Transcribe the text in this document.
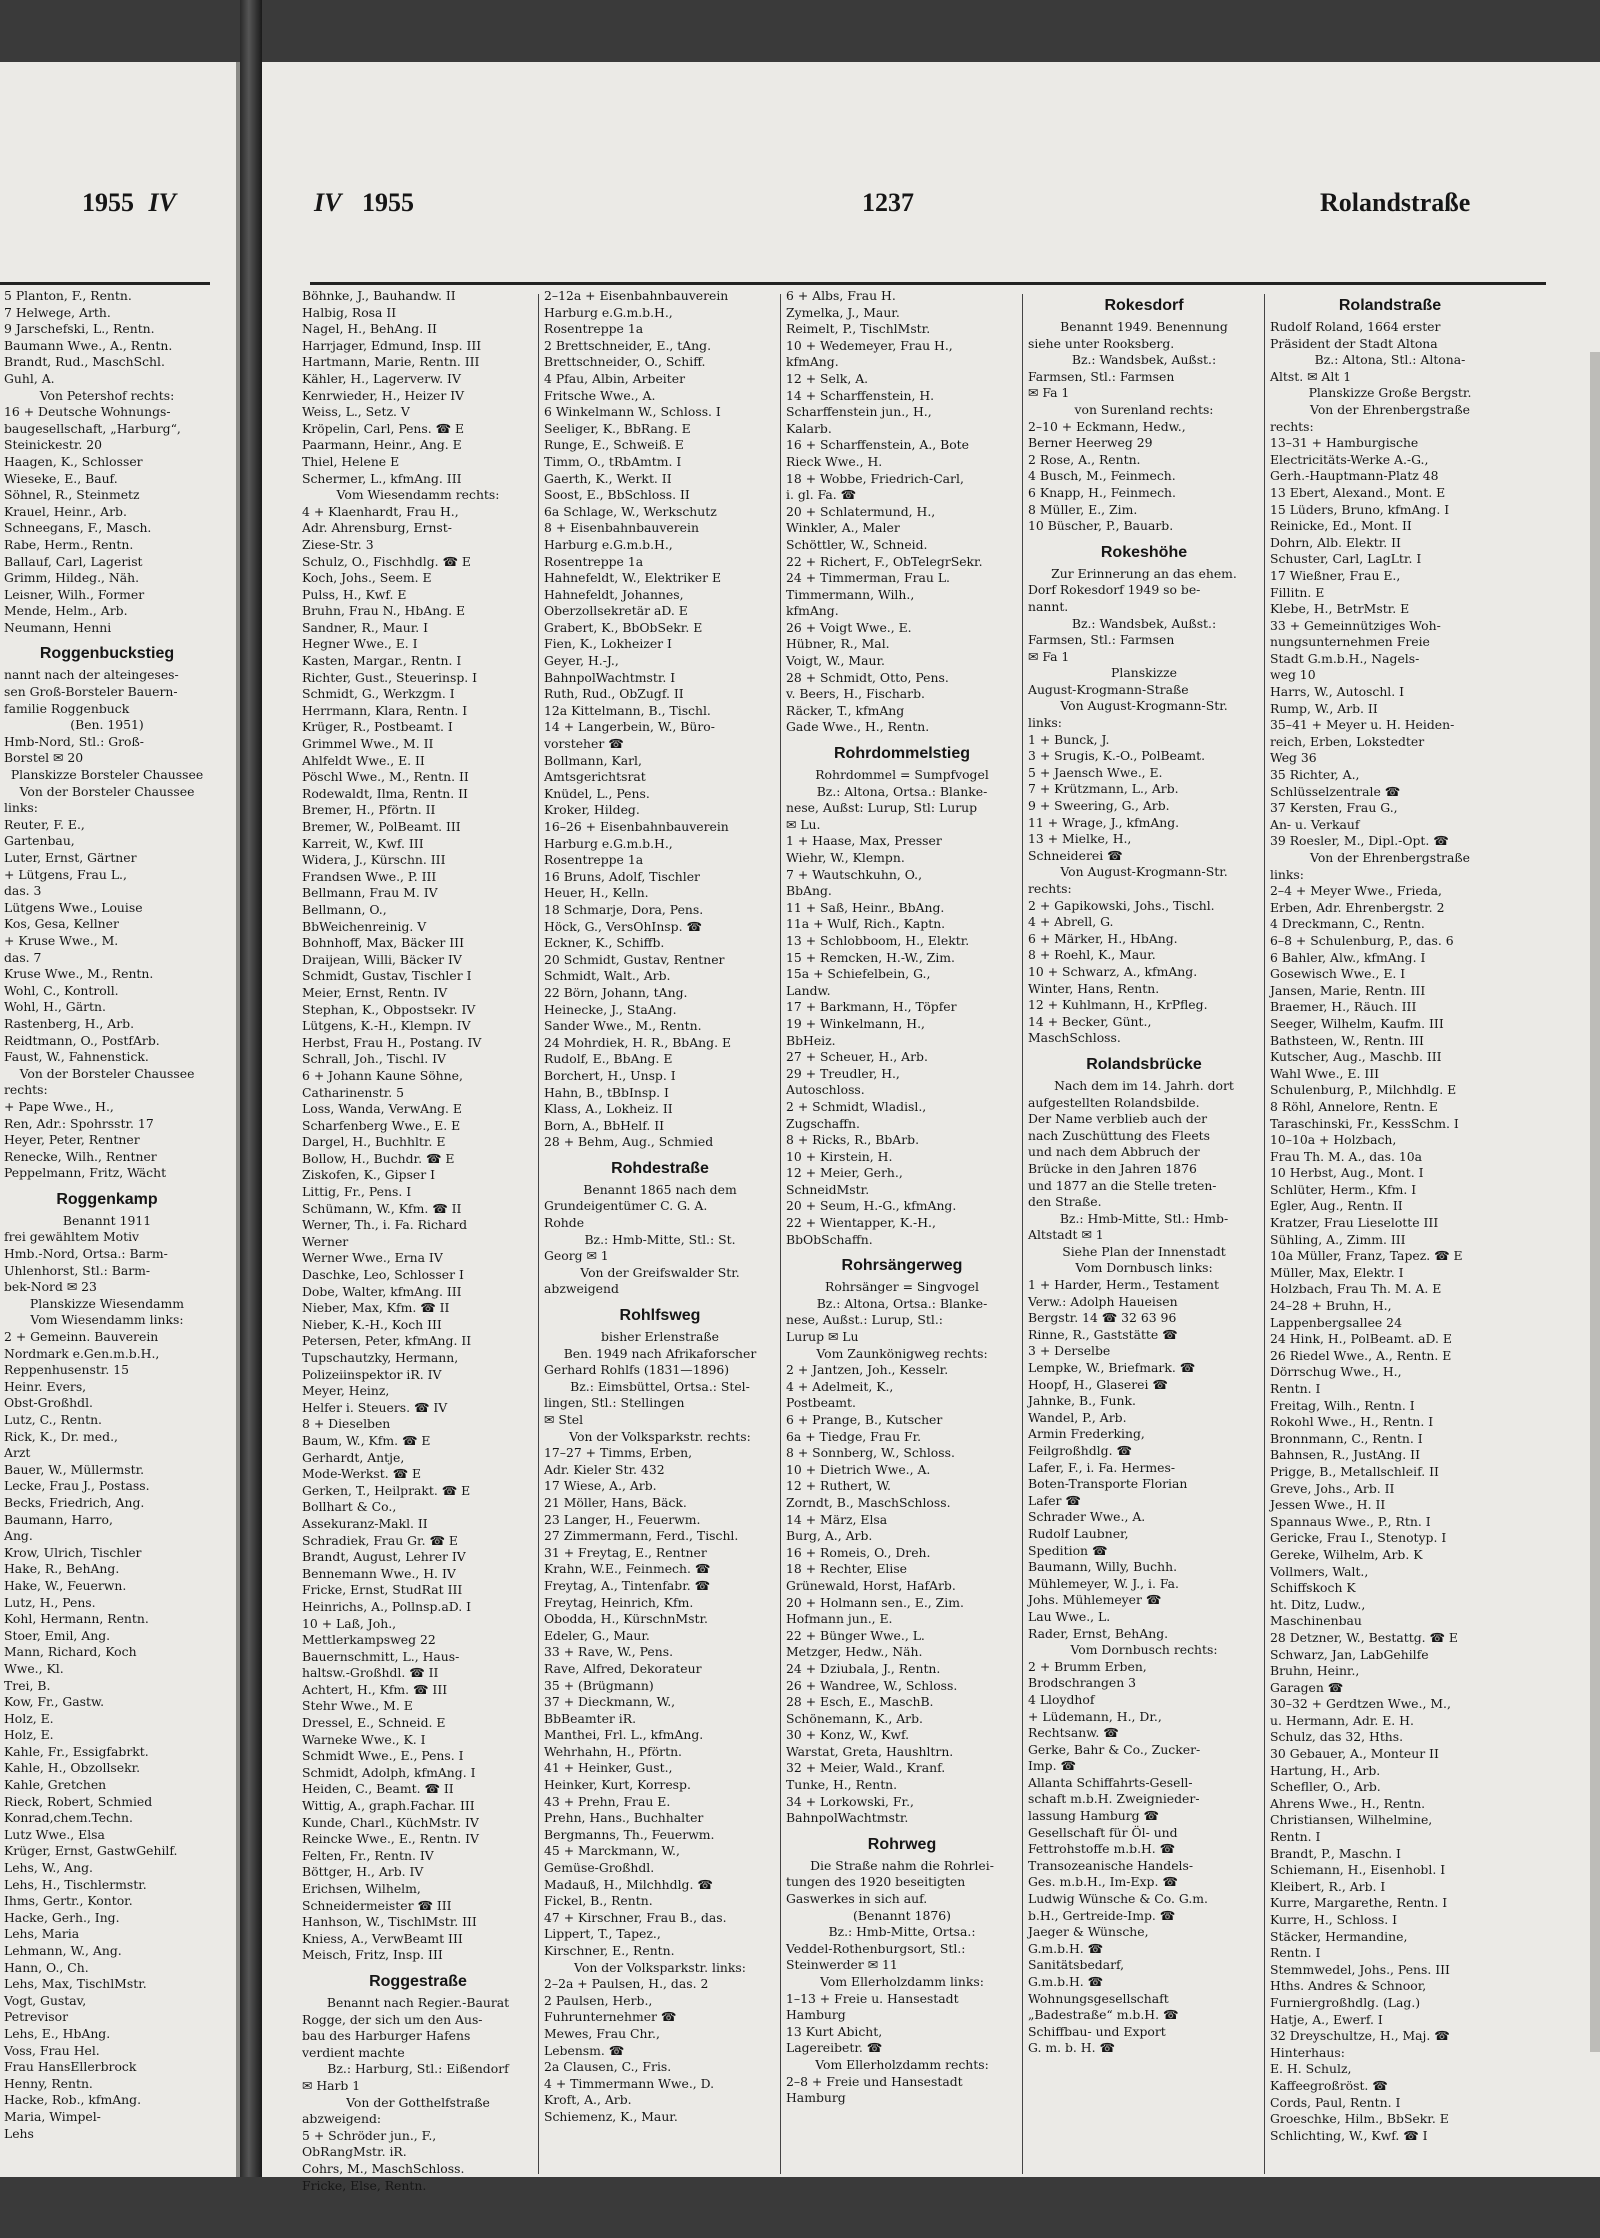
1955 IV

5 Planton, F., Rentn.

7 Helwege, Arth.

9 Jarschefski, L., Rentn.

Baumann Wwe., A., Rentn.

Brandt, Rud., MaschSchl.

Guhl, A.

Von Petershof rechts:

16 + Deutsche Wohnungs-

baugesellschaft, „Harburg“,

Steinickestr. 20

Haagen, K., Schlosser

Wieseke, E., Bauf.

Söhnel, R., Steinmetz

Krauel, Heinr., Arb.

Schneegans, F., Masch.

Rabe, Herm., Rentn.

Ballauf, Carl, Lagerist

Grimm, Hildeg., Näh.

Leisner, Wilh., Former

Mende, Helm., Arb.

Neumann, Henni

Roggenbuckstieg

nannt nach der alteingeses-

sen Groß-Borsteler Bauern-

familie Roggenbuck

(Ben. 1951)

Hmb-Nord, Stl.: Groß-

Borstel ✉ 20

Planskizze Borsteler Chaussee

Von der Borsteler Chaussee

links:

Reuter, F. E.,

Gartenbau,

Luter, Ernst, Gärtner

+ Lütgens, Frau L.,

das. 3

Lütgens Wwe., Louise

Kos, Gesa, Kellner

+ Kruse Wwe., M.

das. 7

Kruse Wwe., M., Rentn.

Wohl, C., Kontroll.

Wohl, H., Gärtn.

Rastenberg, H., Arb.

Reidtmann, O., PostfArb.

Faust, W., Fahnenstick.

Von der Borsteler Chaussee

rechts:

+ Pape Wwe., H.,

Ren, Adr.: Spohrsstr. 17

Heyer, Peter, Rentner

Renecke, Wilh., Rentner

Peppelmann, Fritz, Wächt

Roggenkamp

Benannt 1911

frei gewähltem Motiv

Hmb.-Nord, Ortsa.: Barm-

Uhlenhorst, Stl.: Barm-

bek-Nord ✉ 23

Planskizze Wiesendamm

Vom Wiesendamm links:

2 + Gemeinn. Bauverein

Nordmark e.Gen.m.b.H.,

Reppenhusenstr. 15

Heinr. Evers,

Obst-Großhdl.

Lutz, C., Rentn.

Rick, K., Dr. med.,

Arzt

Bauer, W., Müllermstr.

Lecke, Frau J., Postass.

Becks, Friedrich, Ang.

Baumann, Harro,

Ang.

Krow, Ulrich, Tischler

Hake, R., BehAng.

Hake, W., Feuerwn.

Lutz, H., Pens.

Kohl, Hermann, Rentn.

Stoer, Emil, Ang.

Mann, Richard, Koch

Wwe., Kl.

Trei, B.

Kow, Fr., Gastw.

Holz, E.

Holz, E.

Kahle, Fr., Essigfabrkt.

Kahle, H., Obzollsekr.

Kahle, Gretchen

Rieck, Robert, Schmied

Konrad,chem.Techn.

Lutz Wwe., Elsa

Krüger, Ernst, GastwGehilf.

Lehs, W., Ang.

Lehs, H., Tischlermstr.

Ihms, Gertr., Kontor.

Hacke, Gerh., Ing.

Lehs, Maria

Lehmann, W., Ang.

Hann, O., Ch.

Lehs, Max, TischlMstr.

Vogt, Gustav,

Petrevisor

Lehs, E., HbAng.

Voss, Frau Hel.

Frau HansEllerbrock

Henny, Rentn.

Hacke, Rob., kfmAng.

Maria, Wimpel-

Lehs

IV 1955	1237	Rolandstraße

Böhnke, J., Bauhandw. II

Halbig, Rosa II

Nagel, H., BehAng. II

Harrjager, Edmund, Insp. III

Hartmann, Marie, Rentn. III

Kähler, H., Lagerverw. IV

Kenrwieder, H., Heizer IV

Weiss, L., Setz. V

Kröpelin, Carl, Pens. ☎ E

Paarmann, Heinr., Ang. E

Thiel, Helene E

Schermer, L., kfmAng. III

Vom Wiesendamm rechts:

4 + Klaenhardt, Frau H.,

Adr. Ahrensburg, Ernst-

Ziese-Str. 3

Schulz, O., Fischhdlg. ☎ E

Koch, Johs., Seem. E

Pulss, H., Kwf. E

Bruhn, Frau N., HbAng. E

Sandner, R., Maur. I

Hegner Wwe., E. I

Kasten, Margar., Rentn. I

Richter, Gust., Steuerinsp. I

Schmidt, G., Werkzgm. I

Herrmann, Klara, Rentn. I

Krüger, R., Postbeamt. I

Grimmel Wwe., M. II

Ahlfeldt Wwe., E. II

Pöschl Wwe., M., Rentn. II

Rodewaldt, Ilma, Rentn. II

Bremer, H., Pförtn. II

Bremer, W., PolBeamt. III

Karreit, W., Kwf. III

Widera, J., Kürschn. III

Frandsen Wwe., P. III

Bellmann, Frau M. IV

Bellmann, O.,

BbWeichenreinig. V

Bohnhoff, Max, Bäcker III

Draijean, Willi, Bäcker IV

Schmidt, Gustav, Tischler I

Meier, Ernst, Rentn. IV

Stephan, K., Obpostsekr. IV

Lütgens, K.-H., Klempn. IV

Herbst, Frau H., Postang. IV

Schrall, Joh., Tischl. IV

6 + Johann Kaune Söhne,

Catharinenstr. 5

Loss, Wanda, VerwAng. E

Scharfenberg Wwe., E. E

Dargel, H., Buchhltr. E

Bollow, H., Buchdr. ☎ E

Ziskofen, K., Gipser I

Littig, Fr., Pens. I

Schümann, W., Kfm. ☎ II

Werner, Th., i. Fa. Richard

Werner

Werner Wwe., Erna IV

Daschke, Leo, Schlosser I

Dobe, Walter, kfmAng. III

Nieber, Max, Kfm. ☎ II

Nieber, K.-H., Koch III

Petersen, Peter, kfmAng. II

Tupschautzky, Hermann,

Polizeiinspektor iR. IV

Meyer, Heinz,

Helfer i. Steuers. ☎ IV

8 + Dieselben

Baum, W., Kfm. ☎ E

Gerhardt, Antje,

Mode-Werkst. ☎ E

Gerken, T., Heilprakt. ☎ E

Bollhart & Co.,

Assekuranz-Makl. II

Schradiek, Frau Gr. ☎ E

Brandt, August, Lehrer IV

Bennemann Wwe., H. IV

Fricke, Ernst, StudRat III

Heinrichs, A., Pollnsp.aD. I

10 + Laß, Joh.,

Mettlerkampsweg 22

Bauernschmitt, L., Haus-

haltsw.-Großhdl. ☎ II

Achtert, H., Kfm. ☎ III

Stehr Wwe., M. E

Dressel, E., Schneid. E

Warneke Wwe., K. I

Schmidt Wwe., E., Pens. I

Schmidt, Adolph, kfmAng. I

Heiden, C., Beamt. ☎ II

Wittig, A., graph.Fachar. III

Kunde, Charl., KüchMstr. IV

Reincke Wwe., E., Rentn. IV

Felten, Fr., Rentn. IV

Böttger, H., Arb. IV

Erichsen, Wilhelm,

Schneidermeister ☎ III

Hanhson, W., TischlMstr. III

Kniess, A., VerwBeamt III

Meisch, Fritz, Insp. III

Roggestraße

Benannt nach Regier.-Baurat

Rogge, der sich um den Aus-

bau des Harburger Hafens

verdient machte

Bz.: Harburg, Stl.: Eißendorf

✉ Harb 1

Von der Gotthelfstraße

abzweigend:

5 + Schröder jun., F.,

ObRangMstr. iR.

Cohrs, M., MaschSchloss.

Fricke, Else, Rentn.

2–12a + Eisenbahnbauverein

Harburg e.G.m.b.H.,

Rosentreppe 1a

2 Brettschneider, E., tAng.

Brettschneider, O., Schiff.

4 Pfau, Albin, Arbeiter

Fritsche Wwe., A.

6 Winkelmann W., Schloss. I

Seeliger, K., BbRang. E

Runge, E., Schweiß. E

Timm, O., tRbAmtm. I

Gaerth, K., Werkt. II

Soost, E., BbSchloss. II

6a Schlage, W., Werkschutz

8 + Eisenbahnbauverein

Harburg e.G.m.b.H.,

Rosentreppe 1a

Hahnefeldt, W., Elektriker E

Hahnefeldt, Johannes,

Oberzollsekretär aD. E

Grabert, K., BbObSekr. E

Fien, K., Lokheizer I

Geyer, H.-J.,

BahnpolWachtmstr. I

Ruth, Rud., ObZugf. II

12a Kittelmann, B., Tischl.

14 + Langerbein, W., Büro-

vorsteher ☎

Bollmann, Karl,

Amtsgerichtsrat

Knüdel, L., Pens.

Kroker, Hildeg.

16–26 + Eisenbahnbauverein

Harburg e.G.m.b.H.,

Rosentreppe 1a

16 Bruns, Adolf, Tischler

Heuer, H., Kelln.

18 Schmarje, Dora, Pens.

Höck, G., VersOhInsp. ☎

Eckner, K., Schiffb.

20 Schmidt, Gustav, Rentner

Schmidt, Walt., Arb.

22 Börn, Johann, tAng.

Heinecke, J., StaAng.

Sander Wwe., M., Rentn.

24 Mohrdiek, H. R., BbAng. E

Rudolf, E., BbAng. E

Borchert, H., Unsp. I

Hahn, B., tBbInsp. I

Klass, A., Lokheiz. II

Born, A., BbHelf. II

28 + Behm, Aug., Schmied

Rohdestraße

Benannt 1865 nach dem

Grundeigentümer C. G. A.

Rohde

Bz.: Hmb-Mitte, Stl.: St.

Georg ✉ 1

Von der Greifswalder Str.

abzweigend

Rohlfsweg

bisher Erlenstraße

Ben. 1949 nach Afrikaforscher

Gerhard Rohlfs (1831—1896)

Bz.: Eimsbüttel, Ortsa.: Stel-

lingen, Stl.: Stellingen

✉ Stel

Von der Volksparkstr. rechts:

17–27 + Timms, Erben,

Adr. Kieler Str. 432

17 Wiese, A., Arb.

21 Möller, Hans, Bäck.

23 Langer, H., Feuerwm.

27 Zimmermann, Ferd., Tischl.

31 + Freytag, E., Rentner

Krahn, W.E., Feinmech. ☎

Freytag, A., Tintenfabr. ☎

Freytag, Heinrich, Kfm.

Obodda, H., KürschnMstr.

Edeler, G., Maur.

33 + Rave, W., Pens.

Rave, Alfred, Dekorateur

35 + (Brügmann)

37 + Dieckmann, W.,

BbBeamter iR.

Manthei, Frl. L., kfmAng.

Wehrhahn, H., Pförtn.

41 + Heinker, Gust.,

Heinker, Kurt, Korresp.

43 + Prehn, Frau E.

Prehn, Hans., Buchhalter

Bergmanns, Th., Feuerwm.

45 + Marckmann, W.,

Gemüse-Großhdl.

Madauß, H., Milchhdlg. ☎

Fickel, B., Rentn.

47 + Kirschner, Frau B., das.

Lippert, T., Tapez.,

Kirschner, E., Rentn.

Von der Volksparkstr. links:

2–2a + Paulsen, H., das. 2

2 Paulsen, Herb.,

Fuhrunternehmer ☎

Mewes, Frau Chr.,

Lebensm. ☎

2a Clausen, C., Fris.

4 + Timmermann Wwe., D.

Kroft, A., Arb.

Schiemenz, K., Maur.

6 + Albs, Frau H.

Zymelka, J., Maur.

Reimelt, P., TischlMstr.

10 + Wedemeyer, Frau H.,

kfmAng.

12 + Selk, A.

14 + Scharffenstein, H.

Scharffenstein jun., H.,

Kalarb.

16 + Scharffenstein, A., Bote

Rieck Wwe., H.

18 + Wobbe, Friedrich-Carl,

i. gl. Fa. ☎

20 + Schlatermund, H.,

Winkler, A., Maler

Schöttler, W., Schneid.

22 + Richert, F., ObTelegrSekr.

24 + Timmerman, Frau L.

Timmermann, Wilh.,

kfmAng.

26 + Voigt Wwe., E.

Hübner, R., Mal.

Voigt, W., Maur.

28 + Schmidt, Otto, Pens.

v. Beers, H., Fischarb.

Räcker, T., kfmAng

Gade Wwe., H., Rentn.

Rohrdommelstieg

Rohrdommel = Sumpfvogel

Bz.: Altona, Ortsa.: Blanke-

nese, Außst: Lurup, Stl: Lurup

✉ Lu.

1 + Haase, Max, Presser

Wiehr, W., Klempn.

7 + Wautschkuhn, O.,

BbAng.

11 + Saß, Heinr., BbAng.

11a + Wulf, Rich., Kaptn.

13 + Schlobboom, H., Elektr.

15 + Remcken, H.-W., Zim.

15a + Schiefelbein, G.,

Landw.

17 + Barkmann, H., Töpfer

19 + Winkelmann, H.,

BbHeiz.

27 + Scheuer, H., Arb.

29 + Treudler, H.,

Autoschloss.

2 + Schmidt, Wladisl.,

Zugschaffn.

8 + Ricks, R., BbArb.

10 + Kirstein, H.

12 + Meier, Gerh.,

SchneidMstr.

20 + Seum, H.-G., kfmAng.

22 + Wientapper, K.-H.,

BbObSchaffn.

Rohrsängerweg

Rohrsänger = Singvogel

Bz.: Altona, Ortsa.: Blanke-

nese, Außst.: Lurup, Stl.:

Lurup ✉ Lu

Vom Zaunkönigweg rechts:

2 + Jantzen, Joh., Kesselr.

4 + Adelmeit, K.,

Postbeamt.

6 + Prange, B., Kutscher

6a + Tiedge, Frau Fr.

8 + Sonnberg, W., Schloss.

10 + Dietrich Wwe., A.

12 + Ruthert, W.

Zorndt, B., MaschSchloss.

14 + März, Elsa

Burg, A., Arb.

16 + Romeis, O., Dreh.

18 + Rechter, Elise

Grünewald, Horst, HafArb.

20 + Holmann sen., E., Zim.

Hofmann jun., E.

22 + Bünger Wwe., L.

Metzger, Hedw., Näh.

24 + Dziubala, J., Rentn.

26 + Wandree, W., Schloss.

28 + Esch, E., MaschB.

Schönemann, K., Arb.

30 + Konz, W., Kwf.

Warstat, Greta, Haushltrn.

32 + Meier, Wald., Kranf.

Tunke, H., Rentn.

34 + Lorkowski, Fr.,

BahnpolWachtmstr.

Rohrweg

Die Straße nahm die Rohrlei-

tungen des 1920 beseitigten

Gaswerkes in sich auf.

(Benannt 1876)

Bz.: Hmb-Mitte, Ortsa.:

Veddel-Rothenburgsort, Stl.:

Steinwerder ✉ 11

Vom Ellerholzdamm links:

1–13 + Freie u. Hansestadt

Hamburg

13 Kurt Abicht,

Lagereibetr. ☎

Vom Ellerholzdamm rechts:

2–8 + Freie und Hansestadt

Hamburg

Rokesdorf

Benannt 1949. Benennung

siehe unter Rooksberg.

Bz.: Wandsbek, Außst.:

Farmsen, Stl.: Farmsen

✉ Fa 1

von Surenland rechts:

2–10 + Eckmann, Hedw.,

Berner Heerweg 29

2 Rose, A., Rentn.

4 Busch, M., Feinmech.

6 Knapp, H., Feinmech.

8 Müller, E., Zim.

10 Büscher, P., Bauarb.

Rokeshöhe

Zur Erinnerung an das ehem.

Dorf Rokesdorf 1949 so be-

nannt.

Bz.: Wandsbek, Außst.:

Farmsen, Stl.: Farmsen

✉ Fa 1

Planskizze

August-Krogmann-Straße

Von August-Krogmann-Str.

links:

1 + Bunck, J.

3 + Srugis, K.-O., PolBeamt.

5 + Jaensch Wwe., E.

7 + Krützmann, L., Arb.

9 + Sweering, G., Arb.

11 + Wrage, J., kfmAng.

13 + Mielke, H.,

Schneiderei ☎

Von August-Krogmann-Str.

rechts:

2 + Gapikowski, Johs., Tischl.

4 + Abrell, G.

6 + Märker, H., HbAng.

8 + Roehl, K., Maur.

10 + Schwarz, A., kfmAng.

Winter, Hans, Rentn.

12 + Kuhlmann, H., KrPfleg.

14 + Becker, Günt.,

MaschSchloss.

Rolandsbrücke

Nach dem im 14. Jahrh. dort

aufgestellten Rolandsbilde.

Der Name verblieb auch der

nach Zuschüttung des Fleets

und nach dem Abbruch der

Brücke in den Jahren 1876

und 1877 an die Stelle treten-

den Straße.

Bz.: Hmb-Mitte, Stl.: Hmb-

Altstadt ✉ 1

Siehe Plan der Innenstadt

Vom Dornbusch links:

1 + Harder, Herm., Testament

Verw.: Adolph Haueisen

Bergstr. 14 ☎ 32 63 96

Rinne, R., Gaststätte ☎

3 + Derselbe

Lempke, W., Briefmark. ☎

Hoopf, H., Glaserei ☎

Jahnke, B., Funk.

Wandel, P., Arb.

Armin Frederking,

Feilgroßhdlg. ☎

Lafer, F., i. Fa. Hermes-

Boten-Transporte Florian

Lafer ☎

Schrader Wwe., A.

Rudolf Laubner,

Spedition ☎

Baumann, Willy, Buchh.

Mühlemeyer, W. J., i. Fa.

Johs. Mühlemeyer ☎

Lau Wwe., L.

Rader, Ernst, BehAng.

Vom Dornbusch rechts:

2 + Brumm Erben,

Brodschrangen 3

4 Lloydhof

+ Lüdemann, H., Dr.,

Rechtsanw. ☎

Gerke, Bahr & Co., Zucker-

Imp. ☎

Allanta Schiffahrts-Gesell-

schaft m.b.H. Zweignieder-

lassung Hamburg ☎

Gesellschaft für Öl- und

Fettrohstoffe m.b.H. ☎

Transozeanische Handels-

Ges. m.b.H., Im-Exp. ☎

Ludwig Wünsche & Co. G.m.

b.H., Gertreide-Imp. ☎

Jaeger & Wünsche,

G.m.b.H. ☎

Sanitätsbedarf,

G.m.b.H. ☎

Wohnungsgesellschaft

„Badestraße“ m.b.H. ☎

Schiffbau- und Export

G. m. b. H. ☎

Rolandstraße

Rudolf Roland, 1664 erster

Präsident der Stadt Altona

Bz.: Altona, Stl.: Altona-

Altst. ✉ Alt 1

Planskizze Große Bergstr.

Von der Ehrenbergstraße

rechts:

13–31 + Hamburgische

Electricitäts-Werke A.-G.,

Gerh.-Hauptmann-Platz 48

13 Ebert, Alexand., Mont. E

15 Lüders, Bruno, kfmAng. I

Reinicke, Ed., Mont. II

Dohrn, Alb. Elektr. II

Schuster, Carl, LagLtr. I

17 Wießner, Frau E.,

Fillitn. E

Klebe, H., BetrMstr. E

33 + Gemeinnütziges Woh-

nungsunternehmen Freie

Stadt G.m.b.H., Nagels-

weg 10

Harrs, W., Autoschl. I

Rump, W., Arb. II

35–41 + Meyer u. H. Heiden-

reich, Erben, Lokstedter

Weg 36

35 Richter, A.,

Schlüsselzentrale ☎

37 Kersten, Frau G.,

An- u. Verkauf

39 Roesler, M., Dipl.-Opt. ☎

Von der Ehrenbergstraße

links:

2–4 + Meyer Wwe., Frieda,

Erben, Adr. Ehrenbergstr. 2

4 Dreckmann, C., Rentn.

6–8 + Schulenburg, P., das. 6

6 Bahler, Alw., kfmAng. I

Gosewisch Wwe., E. I

Jansen, Marie, Rentn. III

Braemer, H., Räuch. III

Seeger, Wilhelm, Kaufm. III

Bathsteen, W., Rentn. III

Kutscher, Aug., Maschb. III

Wahl Wwe., E. III

Schulenburg, P., Milchhdlg. E

8 Röhl, Annelore, Rentn. E

Taraschinski, Fr., KessSchm. I

10–10a + Holzbach,

Frau Th. M. A., das. 10a

10 Herbst, Aug., Mont. I

Schlüter, Herm., Kfm. I

Egler, Aug., Rentn. II

Kratzer, Frau Lieselotte III

Sühling, A., Zimm. III

10a Müller, Franz, Tapez. ☎ E

Müller, Max, Elektr. I

Holzbach, Frau Th. M. A. E

24–28 + Bruhn, H.,

Lappenbergsallee 24

24 Hink, H., PolBeamt. aD. E

26 Riedel Wwe., A., Rentn. E

Dörrschug Wwe., H.,

Rentn. I

Freitag, Wilh., Rentn. I

Rokohl Wwe., H., Rentn. I

Bronnmann, C., Rentn. I

Bahnsen, R., JustAng. II

Prigge, B., Metallschleif. II

Greve, Johs., Arb. II

Jessen Wwe., H. II

Spannaus Wwe., P., Rtn. I

Gericke, Frau I., Stenotyp. I

Gereke, Wilhelm, Arb. K

Vollmers, Walt.,

Schiffskoch K

ht. Ditz, Ludw.,

Maschinenbau

28 Detzner, W., Bestattg. ☎ E

Schwarz, Jan, LabGehilfe

Bruhn, Heinr.,

Garagen ☎

30–32 + Gerdtzen Wwe., M.,

u. Hermann, Adr. E. H.

Schulz, das 32, Hths.

30 Gebauer, A., Monteur II

Hartung, H., Arb.

Schefller, O., Arb.

Ahrens Wwe., H., Rentn.

Christiansen, Wilhelmine,

Rentn. I

Brandt, P., Maschn. I

Schiemann, H., Eisenhobl. I

Kleibert, R., Arb. I

Kurre, Margarethe, Rentn. I

Kurre, H., Schloss. I

Stäcker, Hermandine,

Rentn. I

Stemmwedel, Johs., Pens. III

Hths. Andres & Schnoor,

Furniergroßhdlg. (Lag.)

Hatje, A., Ewerf. I

32 Dreyschultze, H., Maj. ☎

Hinterhaus:

E. H. Schulz,

Kaffeegroßröst. ☎

Cords, Paul, Rentn. I

Groeschke, Hilm., BbSekr. E

Schlichting, W., Kwf. ☎ I
